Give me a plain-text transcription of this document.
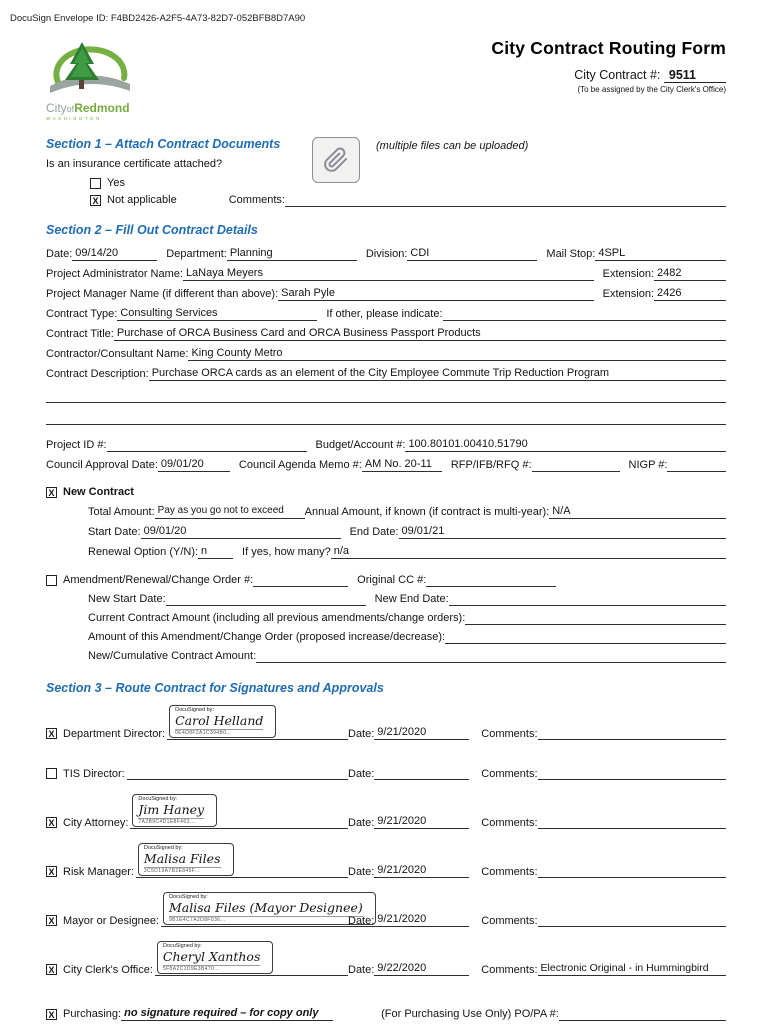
DocuSign Envelope ID: F4BD2426-A2F5-4A73-82D7-052BFB8D7A90
CityofRedmond
WASHINGTON
City Contract Routing Form
City Contract #: 9511
(To be assigned by the City Clerk's Office)
Section 1 – Attach Contract Documents
Is an insurance certificate attached?
Yes
(multiple files can be uploaded)
X Not applicable	Comments:
Section 2 – Fill Out Contract Details
Date: 09/14/20	Department: Planning	Division: CDI	Mail Stop: 4SPL
Project Administrator Name: LaNaya Meyers	Extension: 2482
Project Manager Name (if different than above): Sarah Pyle	Extension: 2426
Contract Type: Consulting Services	If other, please indicate:
Contract Title: Purchase of ORCA Business Card and ORCA Business Passport Products
Contractor/Consultant Name: King County Metro
Contract Description: Purchase ORCA cards as an element of the City Employee Commute Trip Reduction Program
Project ID #:	Budget/Account #: 100.80101.00410.51790
Council Approval Date: 09/01/20	Council Agenda Memo #: AM No. 20-11	RFP/IFB/RFQ #:	NIGP #:
X New Contract
Total Amount: Pay as you go not to exceed	Annual Amount, if known (if contract is multi-year): N/A
Start Date: 09/01/20	End Date: 09/01/21
Renewal Option (Y/N): n	If yes, how many? n/a
Amendment/Renewal/Change Order #:	Original CC #:
New Start Date:	New End Date:
Current Contract Amount (including all previous amendments/change orders):
Amount of this Amendment/Change Order (proposed increase/decrease):
New/Cumulative Contract Amount:
Section 3 – Route Contract for Signatures and Approvals
X Department Director:
DocuSigned by:
Carol Helland
0E4D8F2A1C394B0...	Date: 9/21/2020	Comments:
TIS Director:	Date:	Comments:
X City Attorney:
DocuSigned by:
Jim Haney
7A2B9C4D1E8F463...	Date: 9/21/2020	Comments:
X Risk Manager:
DocuSigned by:
Malisa Files
3C5D19A7B2E845F...	Date: 9/21/2020	Comments:
X Mayor or Designee:
DocuSigned by:
Malisa Files (Mayor Designee)
9B1E4C7A2D8F036...	Date: 9/21/2020	Comments:
X City Clerk's Office:
DocuSigned by:
Cheryl Xanthos
5F8A2C1D9E3B470...	Date: 9/22/2020	Comments: Electronic Original - in Hummingbird
X Purchasing: no signature required – for copy only	(For Purchasing Use Only) PO/PA #:
